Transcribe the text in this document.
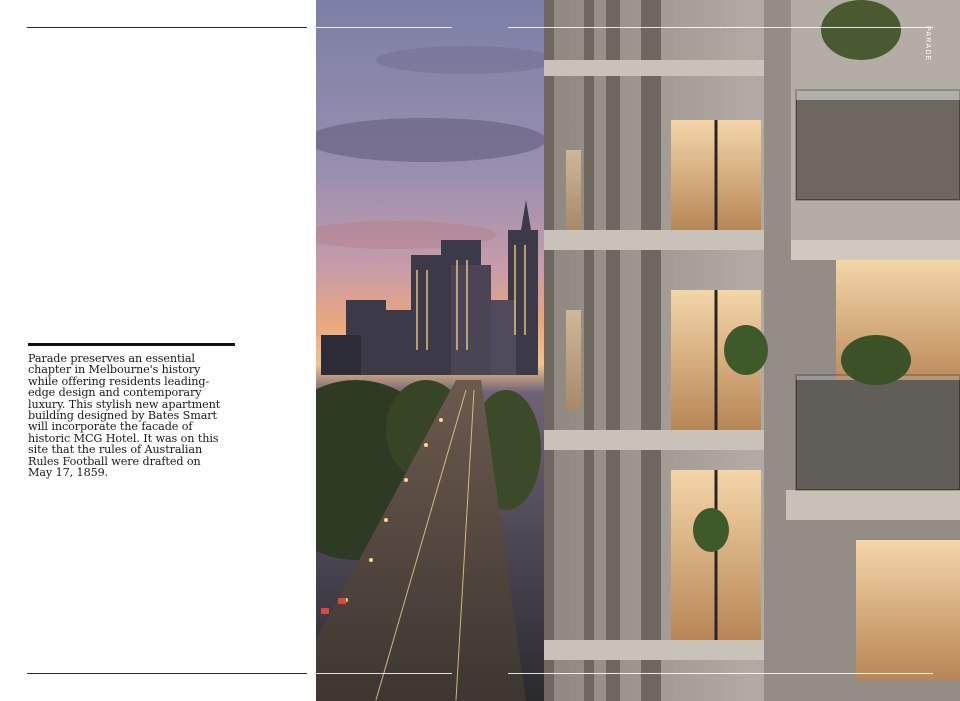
Parade preserves an essential chapter in Melbourne's history while offering residents leading-edge design and contemporary luxury. This stylish new apartment building designed by Bates Smart will incorporate the facade of historic MCG Hotel. It was on this site that the rules of Australian Rules Football were drafted on May 17, 1859.
PARADE
